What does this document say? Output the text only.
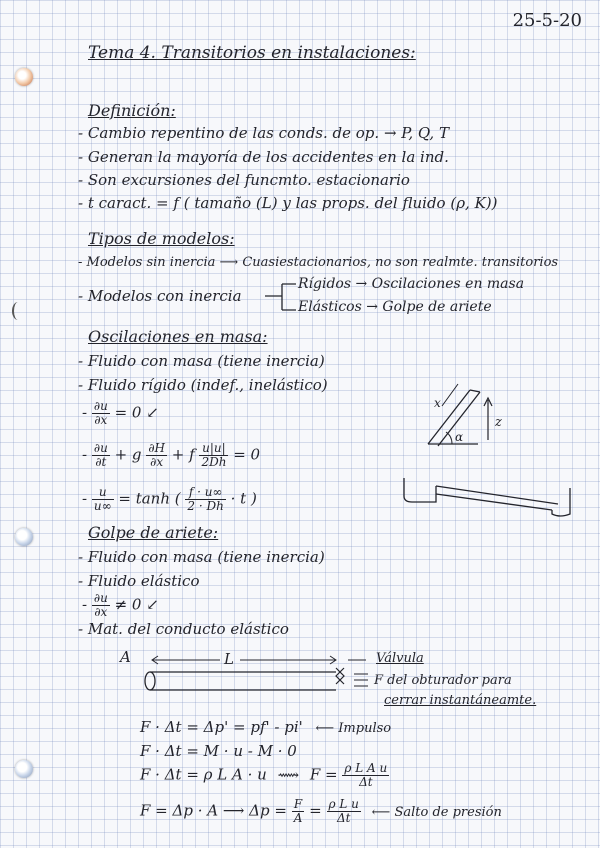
25-5-20
Tema 4. Transitorios en instalaciones:
Definición:
- Cambio repentino de las conds. de op. → P, Q, T
- Generan la mayoría de los accidentes en la ind.
- Son excursiones del funcmto. estacionario
- t caract. = f ( tamaño (L) y las props. del fluido (ρ, K))
Tipos de modelos:
- Modelos sin inercia ⟶ Cuasiestacionarios, no son realmte. transitorios
- Modelos con inercia
Rígidos → Oscilaciones en masa
Elásticos → Golpe de ariete
Oscilaciones en masa:
- Fluido con masa (tiene inercia)
- Fluido rígido (indef., inelástico)
- $\frac{\partial u}{\partial x} = 0$ ↙
- $\frac{\partial u}{\partial t} + g \frac{\partial H}{\partial x} + f \frac{u|u|}{2Dh} = 0$
- $\frac{u}{u\infty} = \tanh$ ( $\frac{f \cdot u\infty}{2 \cdot Dh} \cdot t$ )
x
α
z
Golpe de ariete:
- Fluido con masa (tiene inercia)
- Fluido elástico
- $\frac{\partial u}{\partial x} \ne 0$ ↙
- Mat. del conducto elástico
A	L	Válvula
F del obturador para
cerrar instantáneamte.
F · Δt = Δp' = pf' - pi' ⟵ Impulso
F · Δt = M · u - M · 0
F · Δt = ρ L A · u ⟿ $F = \frac{\text{ρ L A u}}{\Delta t}$
F = Δp · A ⟶ $\Delta p = \frac{F}{A} = \frac{\text{ρ L u}}{\Delta t}$ ⟵ Salto de presión
